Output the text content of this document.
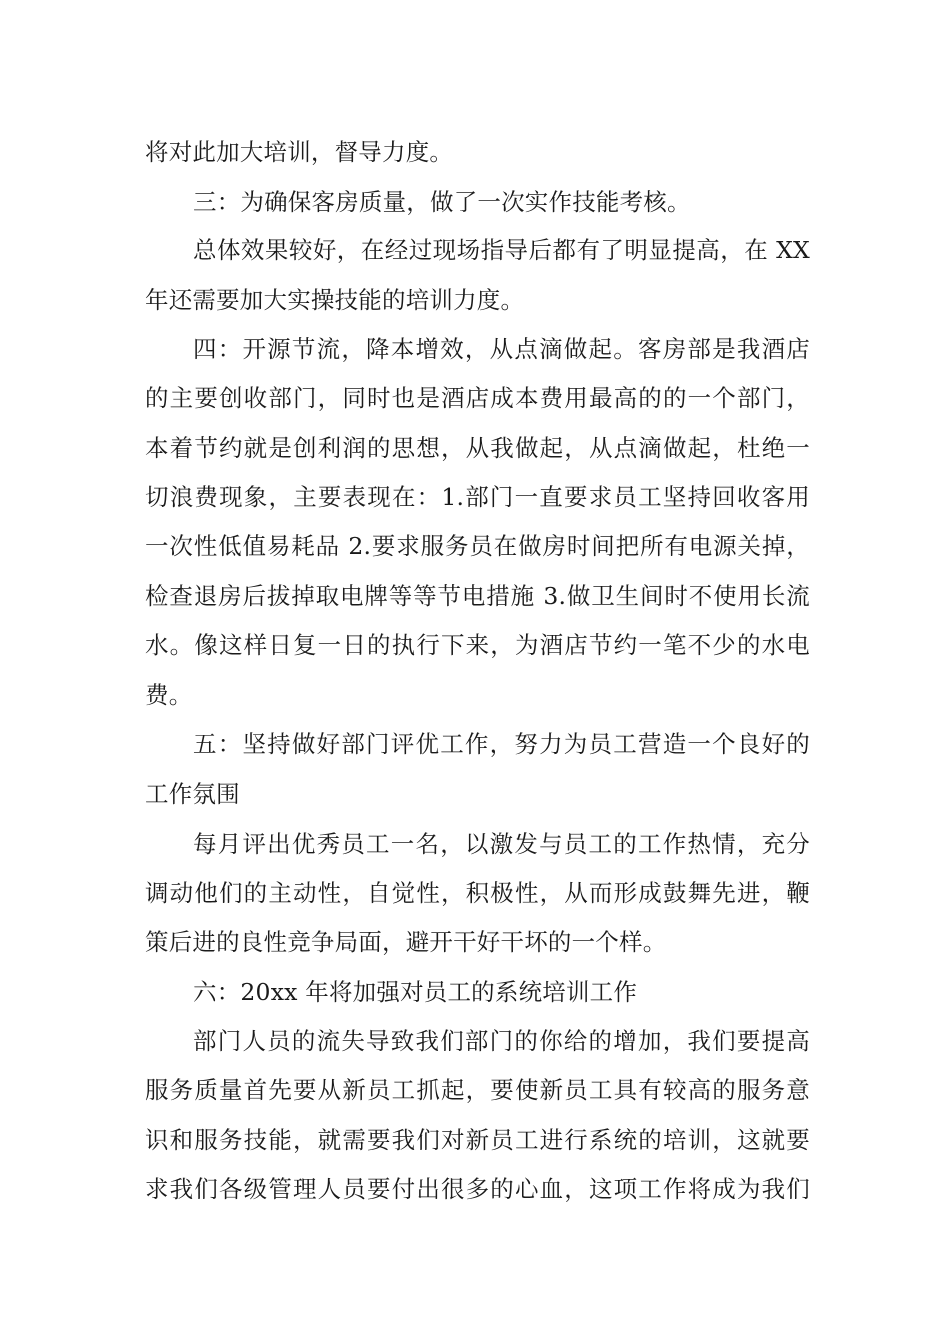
将对此加大培训，督导力度。
三：为确保客房质量，做了一次实作技能考核。
总体效果较好，在经过现场指导后都有了明显提高，在 XX
年还需要加大实操技能的培训力度。
四：开源节流，降本增效，从点滴做起。客房部是我酒店
的主要创收部门，同时也是酒店成本费用最高的的一个部门，
本着节约就是创利润的思想，从我做起，从点滴做起，杜绝一
切浪费现象，主要表现在：1.部门一直要求员工坚持回收客用
一次性低值易耗品 2.要求服务员在做房时间把所有电源关掉，
检查退房后拔掉取电牌等等节电措施 3.做卫生间时不使用长流
水。像这样日复一日的执行下来，为酒店节约一笔不少的水电
费。
五：坚持做好部门评优工作，努力为员工营造一个良好的
工作氛围
每月评出优秀员工一名，以激发与员工的工作热情，充分
调动他们的主动性，自觉性，积极性，从而形成鼓舞先进，鞭
策后进的良性竞争局面，避开干好干坏的一个样。
六：20xx 年将加强对员工的系统培训工作
部门人员的流失导致我们部门的你给的增加，我们要提高
服务质量首先要从新员工抓起，要使新员工具有较高的服务意
识和服务技能，就需要我们对新员工进行系统的培训，这就要
求我们各级管理人员要付出很多的心血，这项工作将成为我们
